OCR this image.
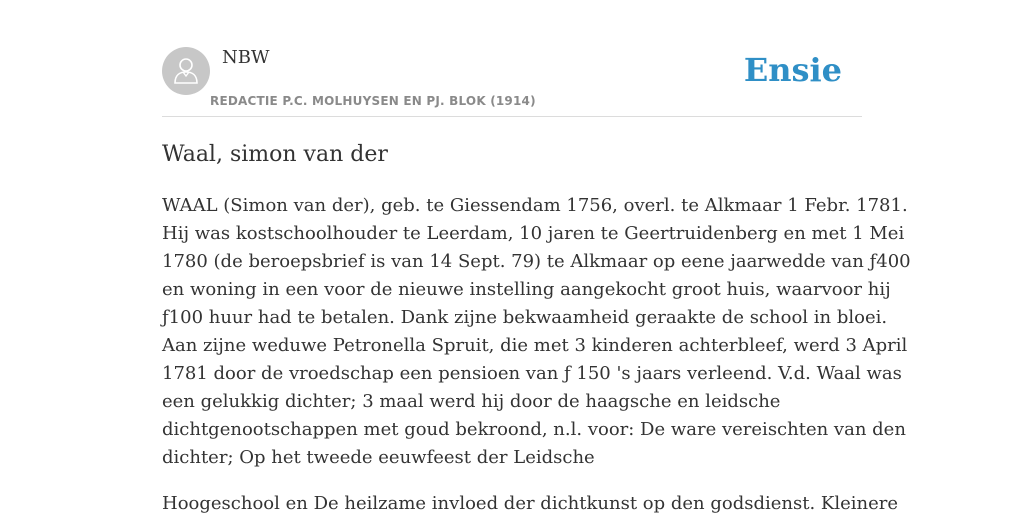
NBW
REDACTIE P.C. MOLHUYSEN EN PJ. BLOK (1914)
Ensie
Waal, simon van der

WAAL (Simon van der), geb. te Giessendam 1756, overl. te Alkmaar 1 Febr. 1781.
Hij was kostschoolhouder te Leerdam, 10 jaren te Geertruidenberg en met 1 Mei
1780 (de beroepsbrief is van 14 Sept. 79) te Alkmaar op eene jaarwedde van ƒ400
en woning in een voor de nieuwe instelling aangekocht groot huis, waarvoor hij
ƒ100 huur had te betalen. Dank zijne bekwaamheid geraakte de school in bloei.
Aan zijne weduwe Petronella Spruit, die met 3 kinderen achterbleef, werd 3 April
1781 door de vroedschap een pensioen van ƒ 150 's jaars verleend. V.d. Waal was
een gelukkig dichter; 3 maal werd hij door de haagsche en leidsche
dichtgenootschappen met goud bekroond, n.l. voor: De ware vereischten van den
dichter; Op het tweede eeuwfeest der Leidsche

Hoogeschool en De heilzame invloed der dichtkunst op den godsdienst. Kleinere
